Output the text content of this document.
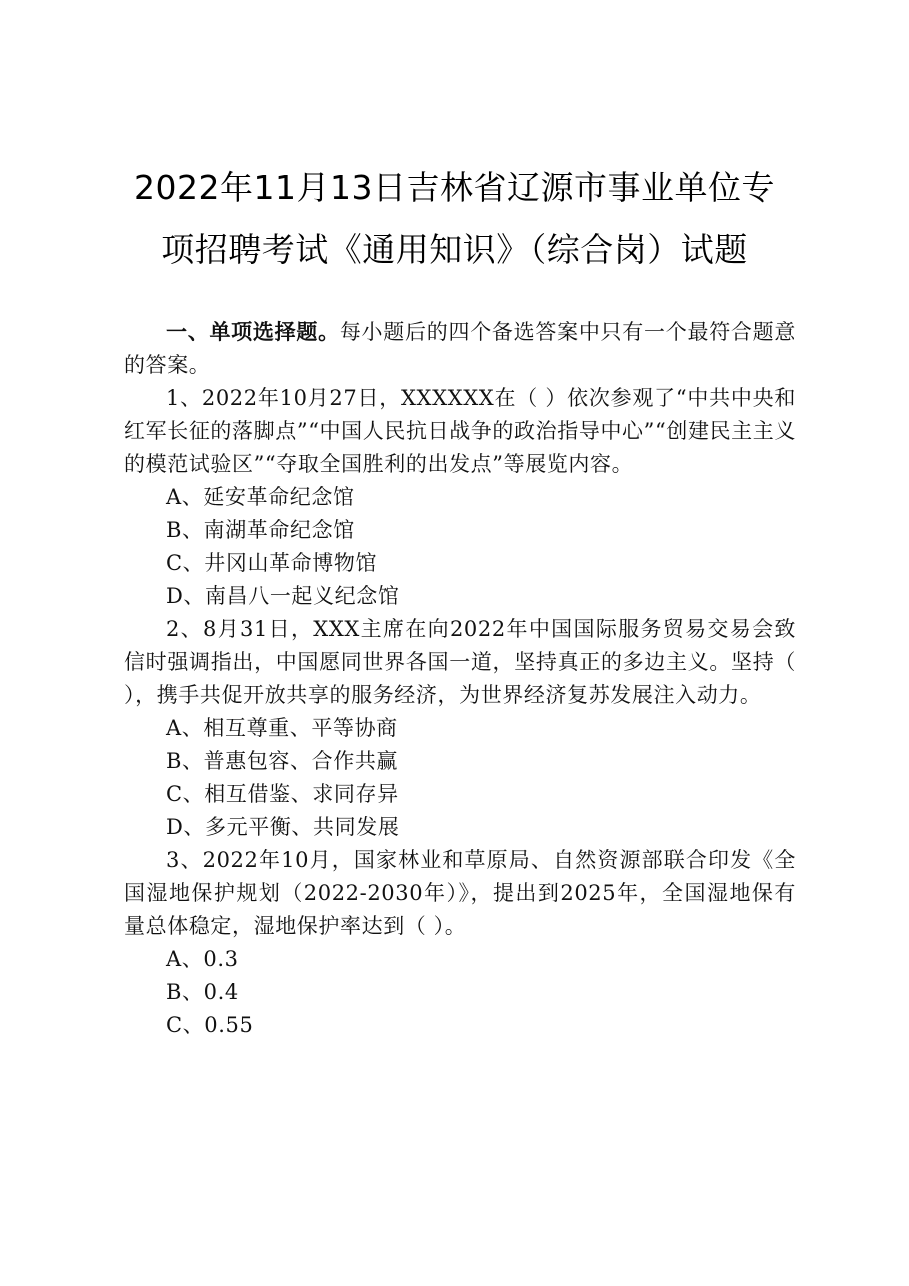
2022年11月13日吉林省辽源市事业单位专
项招聘考试《通用知识》（综合岗）试题

一、单项选择题。每小题后的四个备选答案中只有一个最符合题意的答案。

1、2022年10月27日，XXXXXX在（ ）依次参观了“中共中央和红军长征的落脚点”“中国人民抗日战争的政治指导中心”“创建民主主义的模范试验区”“夺取全国胜利的出发点”等展览内容。

A、延安革命纪念馆

B、南湖革命纪念馆

C、井冈山革命博物馆

D、南昌八一起义纪念馆

2、8月31日，XXX主席在向2022年中国国际服务贸易交易会致信时强调指出，中国愿同世界各国一道，坚持真正的多边主义。坚持（ ），携手共促开放共享的服务经济，为世界经济复苏发展注入动力。

A、相互尊重、平等协商

B、普惠包容、合作共赢

C、相互借鉴、求同存异

D、多元平衡、共同发展

3、2022年10月，国家林业和草原局、自然资源部联合印发《全国湿地保护规划（2022-2030年）》，提出到2025年，全国湿地保有量总体稳定，湿地保护率达到（ ）。

A、0.3

B、0.4

C、0.55
